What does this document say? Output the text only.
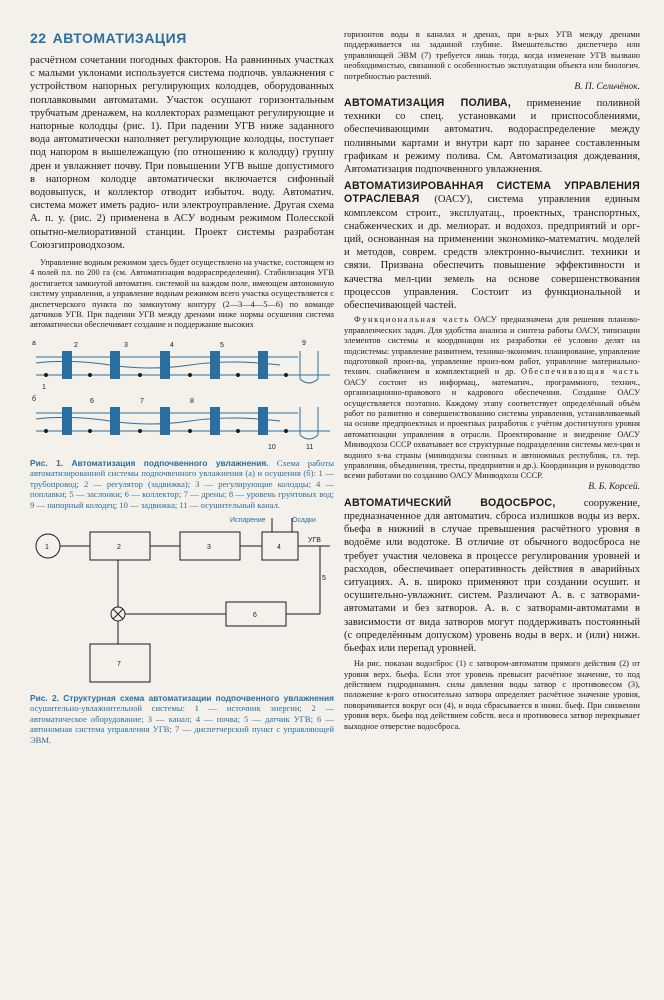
22 АВТОМАТИЗАЦИЯ

расчётном сочетании погодных факторов. На равнинных участках с малыми уклонами используется система подпочв. увлажнения с устройством напорных регулирующих колодцев, оборудованных поплавковыми автоматами. Участок осушают горизонтальным трубчатым дренажем, на коллекторах размещают регулирующие и напорные колодцы (рис. 1). При падении УГВ ниже заданного вода автоматически наполняет регулирующие колодцы, поступает под напором в вышележащую (по отношению к колодцу) группу дрен и увлажняет почву. При повышении УГВ выше допустимого в напорном колодце автоматически включается сифонный водовыпуск, и коллектор отводит избыточ. воду. Автоматич. система может иметь радио- или электроуправление. Другая схема А. п. у. (рис. 2) применена в АСУ водным режимом Полесской опытно-мелиоративной станции. Проект системы разработан Союзгипроводхозом.

Управление водным режимом здесь будет осуществлено на участке, состоящем из 4 полей пл. по 200 га (см. Автоматизация водораспределения). Стабилизация УГВ достигается замкнутой автоматич. системой на каждом поле, имеющем автономную систему управления, а управление водным режимом всего участка осуществляется с диспетчерского пункта по замкнутому контуру (2—3—4—5—6) по команде датчиков УГВ. При падении УГВ между дренами ниже нормы осушения система автоматически обеспечивает создание и поддержание высоких

а
б
1
2	3	4	5
6	7	8
9
10	11

Рис. 1. Автоматизация подпочвенного увлажнения. Схема работы автоматизированной системы подпочвенного увлажнения (а) и осушения (б): 1 — трубопровод; 2 — регулятор (задвижка); 3 — регулирующие колодцы; 4 — поплавки; 5 — заслонки; 6 — коллектор; 7 — дрены; 8 — уровень грунтовых вод; 9 — напорный колодец; 10 — задвижка; 11 — осушительный канал.

Испарение	Осадки
УГВ
1	2	3	4
5
6
7

Рис. 2. Структурная схема автоматизации подпочвенного увлажнения осушительно-увлажнительной системы: 1 — источник энергии; 2 — автоматическое оборудование; 3 — канал; 4 — почва; 5 — датчик УГВ; 6 — автономная система управления УГВ; 7 — диспетчерский пункт с управляющей ЭВМ.

горизонтов воды в каналах и дренах, при к-рых УГВ между дренами поддерживается на заданной глубине. Вмешательство диспетчера или управляющей ЭВМ (7) требуется лишь тогда, когда изменение УГВ вызвано необходимостью, связанной с особенностью эксплуатации объекта или биологич. потребностью растений.

В. П. Сельчёнок.

АВТОМАТИЗАЦИЯ ПОЛИВА, применение поливной техники со спец. установками и приспособлениями, обеспечивающими автоматич. водораспределение между поливными картами и внутри карт по заранее составленным графикам и режиму полива. См. Автоматизация дождевания, Автоматизация подпочвенного увлажнения.

АВТОМАТИЗИРОВАННАЯ СИСТЕМА УПРАВЛЕНИЯ ОТРАСЛЕВАЯ (ОАСУ), система управления единым комплексом строит., эксплуатац., проектных, транспортных, снабженческих и др. мелиорат. и водохоз. предприятий и орг-ций, основанная на применении экономико-математич. моделей и методов, соврем. средств электронно-вычислит. техники и связи. Призвана обеспечить повышение эффективности и качества мел-ции земель на основе совершенствования процессов управления. Состоит из функциональной и обеспечивающей частей.

Функциональная часть ОАСУ предназначена для решения планово-управленческих задач. Для удобства анализа и синтеза работы ОАСУ, типизации элементов системы и координации их разработки её условно делят на подсистемы: управление развитием, технико-экономич. планирование, управление подготовкой произ-ва, управление произ-вом работ, управление материально-технич. снабжением и комплектацией и др. Обеспечивающая часть ОАСУ состоит из информац., математич., программного, технич., организационно-правового и кадрового обеспечения. Создание ОАСУ осуществляется поэтапно. Каждому этапу соответствует определённый объём работ по развитию и совершенствованию системы управления, устанавливаемый на основе предпроектных и проектных разработок с учётом достигнутого уровня автоматизации управления в отрасли. Проектирование и внедрение ОАСУ Минводхоза СССР охватывает все структурные подразделения системы мел-ции и водного х-ва страны (минводхозы союзных и автономных республик, гл. тер. управления, объединения, тресты, предприятия и др.). Координация и руководство всеми работами по созданию ОАСУ Минводхоза СССР.

В. Б. Корсей.

АВТОМАТИЧЕСКИЙ ВОДОСБРОС, сооружение, предназначенное для автоматич. сброса излишков воды из верх. бьефа в нижний в случае превышения расчётного уровня в водоёме или водотоке. В отличие от обычного водосброса не требует участия человека в процессе регулирования уровней и расходов, обеспечивает оперативность действия в аварийных ситуациях. А. в. широко применяют при создании осушит. и осушительно-увлажнит. систем. Различают А. в. с затворами-автоматами и без затворов. А. в. с затворами-автоматами в зависимости от вида затворов могут поддерживать постоянный (с определённым допуском) уровень воды в верх. и (или) нижн. бьефах или перепад уровней.

На рис. показан водосброс (1) с затвором-автоматом прямого действия (2) от уровня верх. бьефа. Если этот уровень превысит расчётное значение, то под действием гидродинамич. силы давления воды затвор с противовесом (3), положение к-рого относительно затвора определяет расчётное значение уровня, поворачивается вокруг оси (4), и вода сбрасывается в нижн. бьеф. При снижении уровня верх. бьефа под действием собств. веса и противовеса затвор перекрывает выходное отверстие водосброса.
